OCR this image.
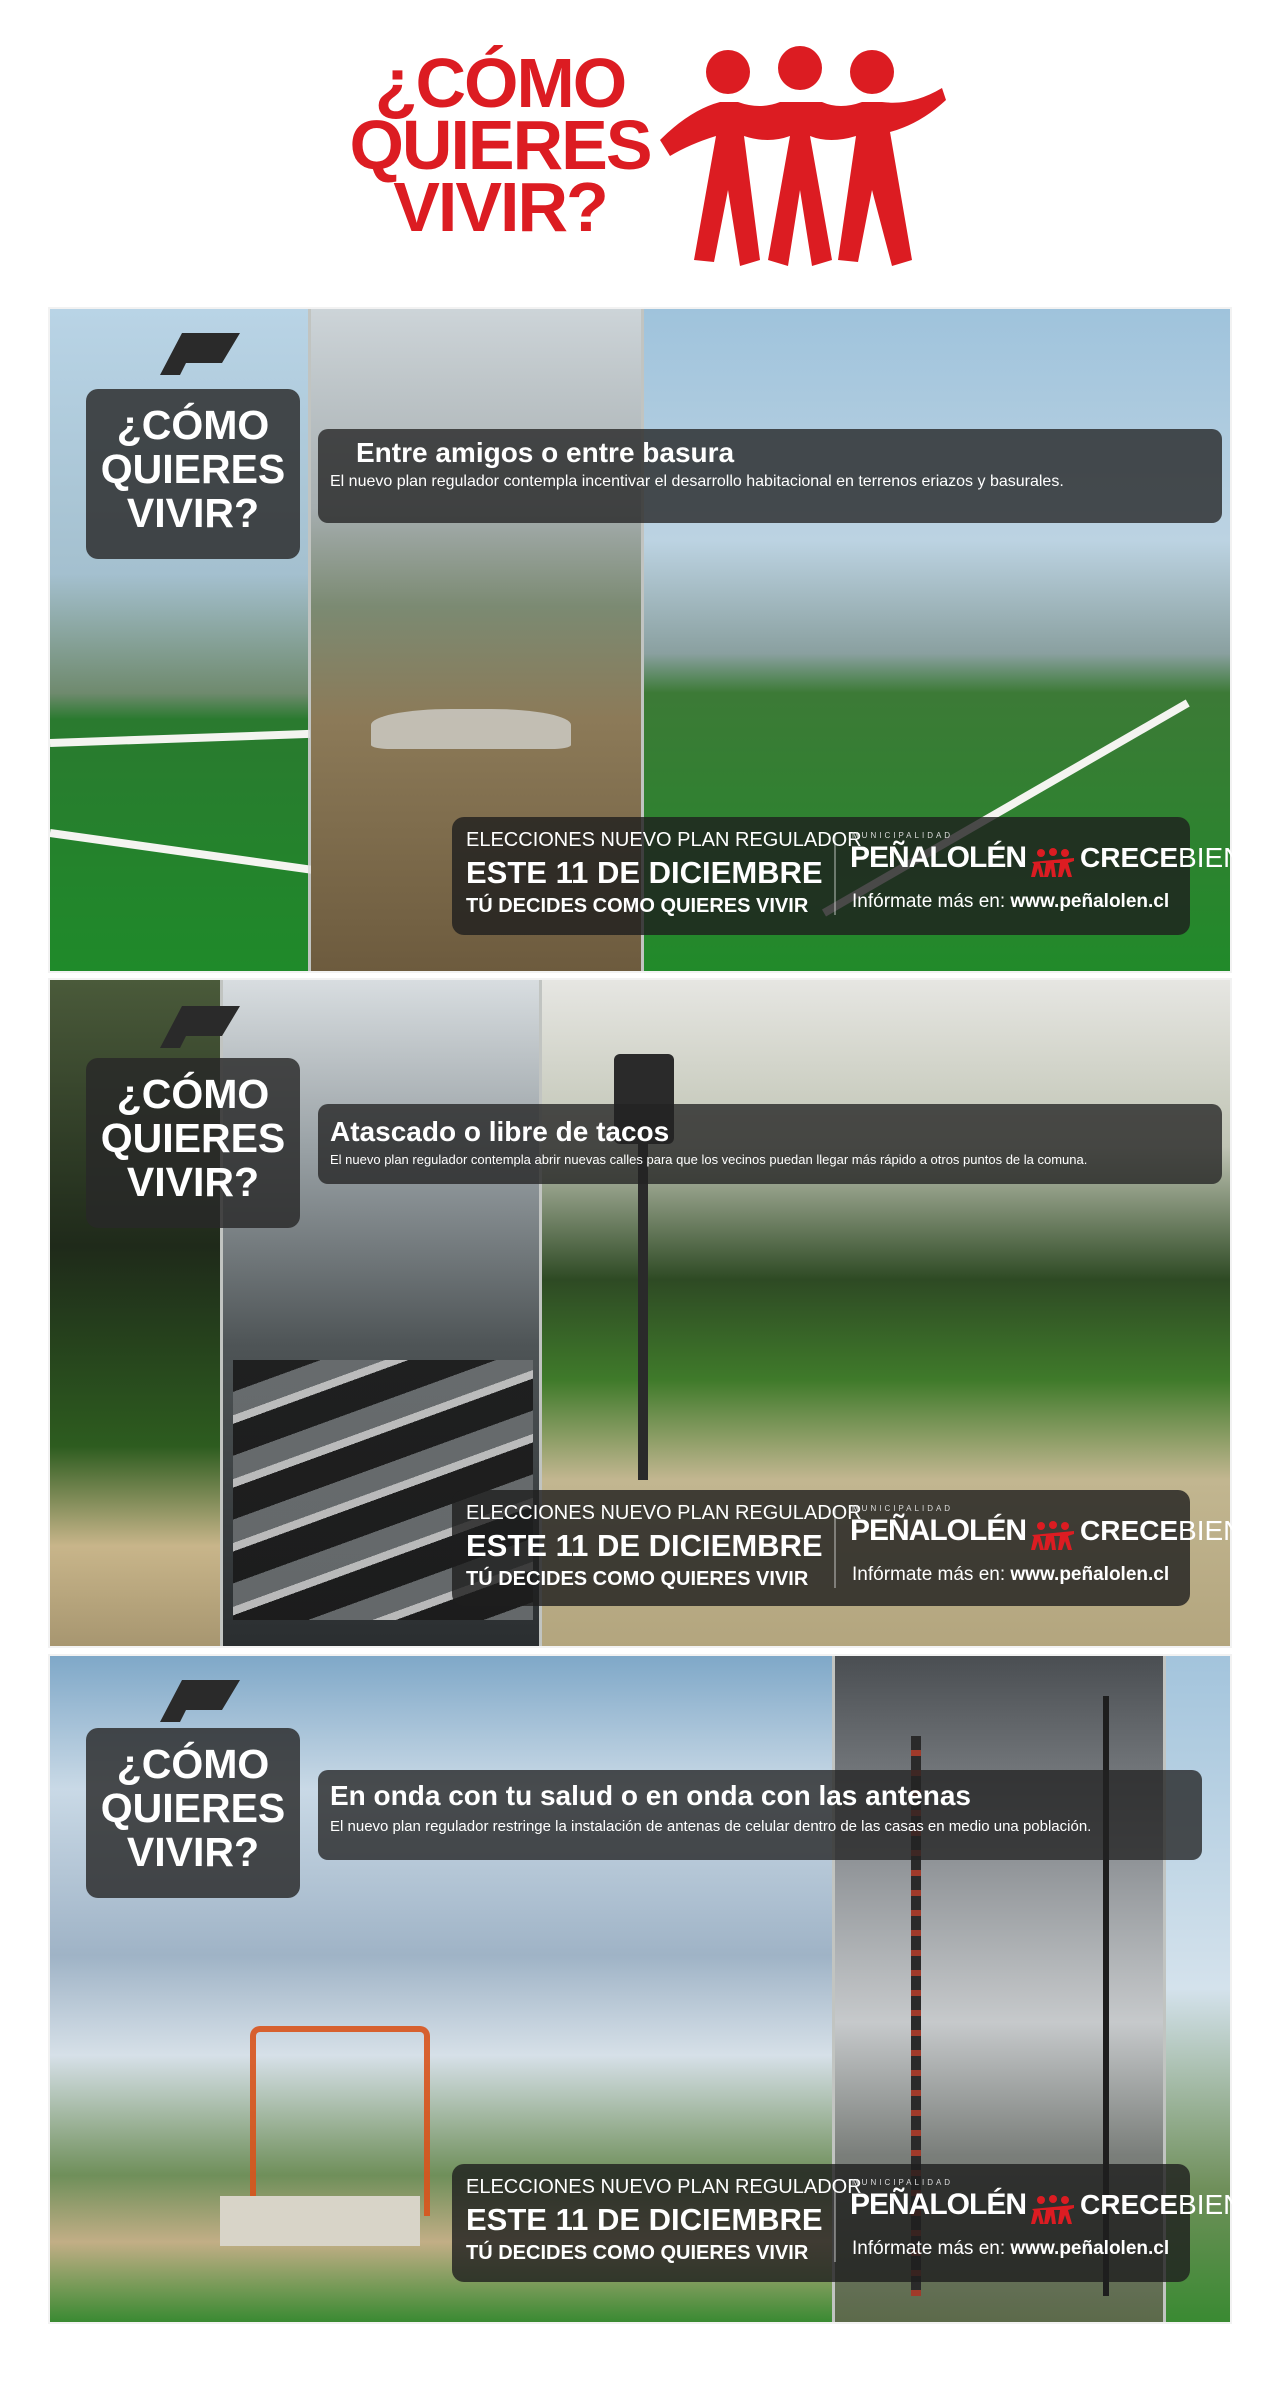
¿CÓMO
QUIERES
VIVIR?
¿CÓMO
QUIERES
VIVIR?
Entre amigos o entre basura
El nuevo plan regulador contempla incentivar el desarrollo habitacional en terrenos eriazos y basurales.
ELECCIONES NUEVO PLAN REGULADOR
ESTE 11 DE DICIEMBRE
TÚ DECIDES COMO QUIERES VIVIR
MUNICIPALIDAD
PEÑALOLÉN CRECEBIEN
Infórmate más en: www.peñalolen.cl
¿CÓMO
QUIERES
VIVIR?
Atascado o libre de tacos
El nuevo plan regulador contempla abrir nuevas calles para que los vecinos puedan llegar más rápido a otros puntos de la comuna.
ELECCIONES NUEVO PLAN REGULADOR
ESTE 11 DE DICIEMBRE
TÚ DECIDES COMO QUIERES VIVIR
MUNICIPALIDAD
PEÑALOLÉN CRECEBIEN
Infórmate más en: www.peñalolen.cl
¿CÓMO
QUIERES
VIVIR?
En onda con tu salud o en onda con las antenas
El nuevo plan regulador restringe la instalación de antenas de celular dentro de las casas en medio una población.
ELECCIONES NUEVO PLAN REGULADOR
ESTE 11 DE DICIEMBRE
TÚ DECIDES COMO QUIERES VIVIR
MUNICIPALIDAD
PEÑALOLÉN CRECEBIEN
Infórmate más en: www.peñalolen.cl
